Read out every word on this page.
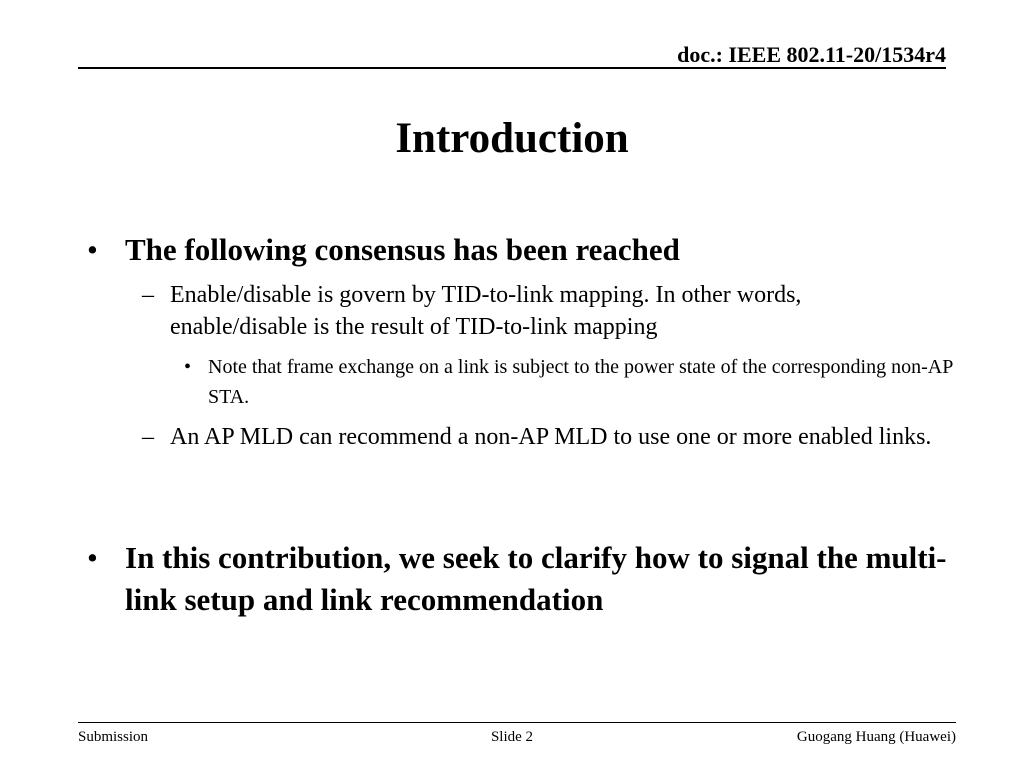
doc.: IEEE 802.11-20/1534r4
Introduction
• The following consensus has been reached
– Enable/disable is govern by TID-to-link mapping. In other words, enable/disable is the result of TID-to-link mapping
• Note that frame exchange on a link is subject to the power state of the corresponding non-AP STA.
– An AP MLD can recommend a non-AP MLD to use one or more enabled links.
• In this contribution, we seek to clarify how to signal the multi-link setup and link recommendation
Submission	Slide 2	Guogang Huang (Huawei)
